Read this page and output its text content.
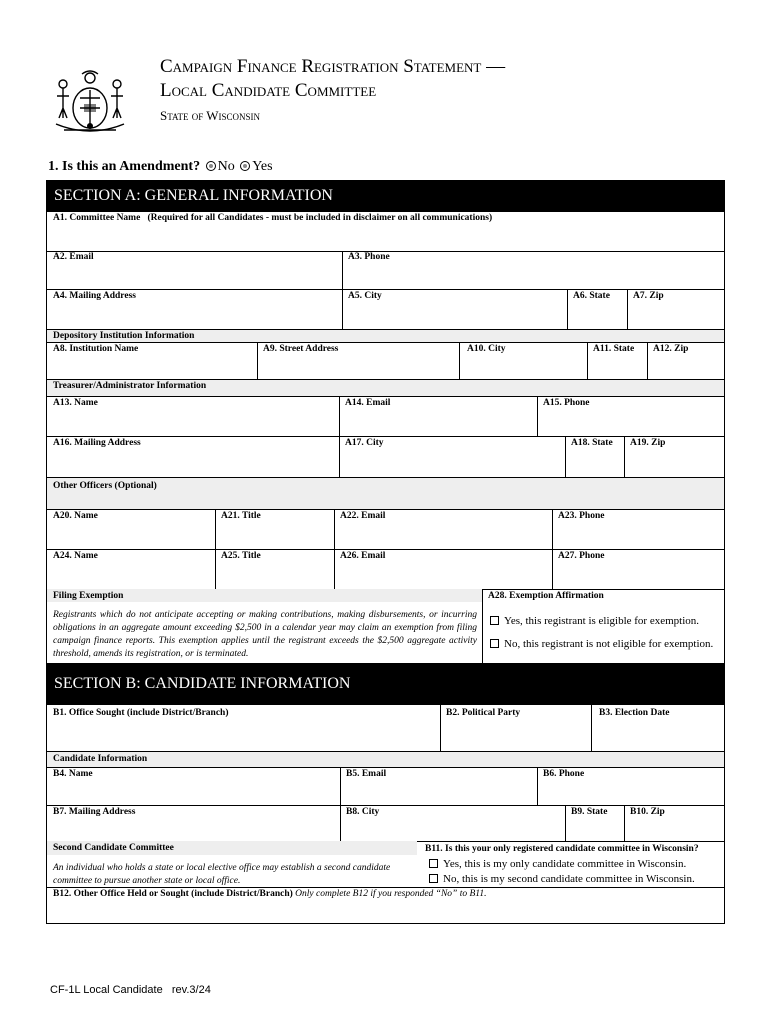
Campaign Finance Registration Statement —
Local Candidate Committee
State of Wisconsin
1. Is this an Amendment? No Yes
SECTION A: GENERAL INFORMATION
A1. Committee Name (Required for all Candidates - must be included in disclaimer on all communications)
A2. Email	A3. Phone
A4. Mailing Address	A5. City	A6. State A7. Zip
Depository Institution Information
A8. Institution Name	A9. Street Address	A10. City	A11. State A12. Zip
Treasurer/Administrator Information
A13. Name	A14. Email	A15. Phone
A16. Mailing Address	A17. City	A18. State A19. Zip
Other Officers (Optional)
A20. Name	A21. Title	A22. Email	A23. Phone
A24. Name	A25. Title	A26. Email	A27. Phone
Filing Exemption
Registrants which do not anticipate accepting or making contributions, making disbursements, or incurring obligations in an aggregate amount exceeding $2,500 in a calendar year may claim an exemption from filing campaign finance reports. This exemption applies until the registrant exceeds the $2,500 aggregate activity threshold, amends its registration, or is terminated.
A28. Exemption Affirmation
Yes, this registrant is eligible for exemption.
No, this registrant is not eligible for exemption.
SECTION B: CANDIDATE INFORMATION
B1. Office Sought (include District/Branch)	B2. Political Party	B3. Election Date
Candidate Information
B4. Name	B5. Email	B6. Phone
B7. Mailing Address	B8. City	B9. State B10. Zip
Second Candidate Committee
An individual who holds a state or local elective office may establish a second candidate committee to pursue another state or local office.
B11. Is this your only registered candidate committee in Wisconsin?
Yes, this is my only candidate committee in Wisconsin.
No, this is my second candidate committee in Wisconsin.
B12. Other Office Held or Sought (include District/Branch) Only complete B12 if you responded “No” to B11.
CF-1L Local Candidate   rev.3/24
